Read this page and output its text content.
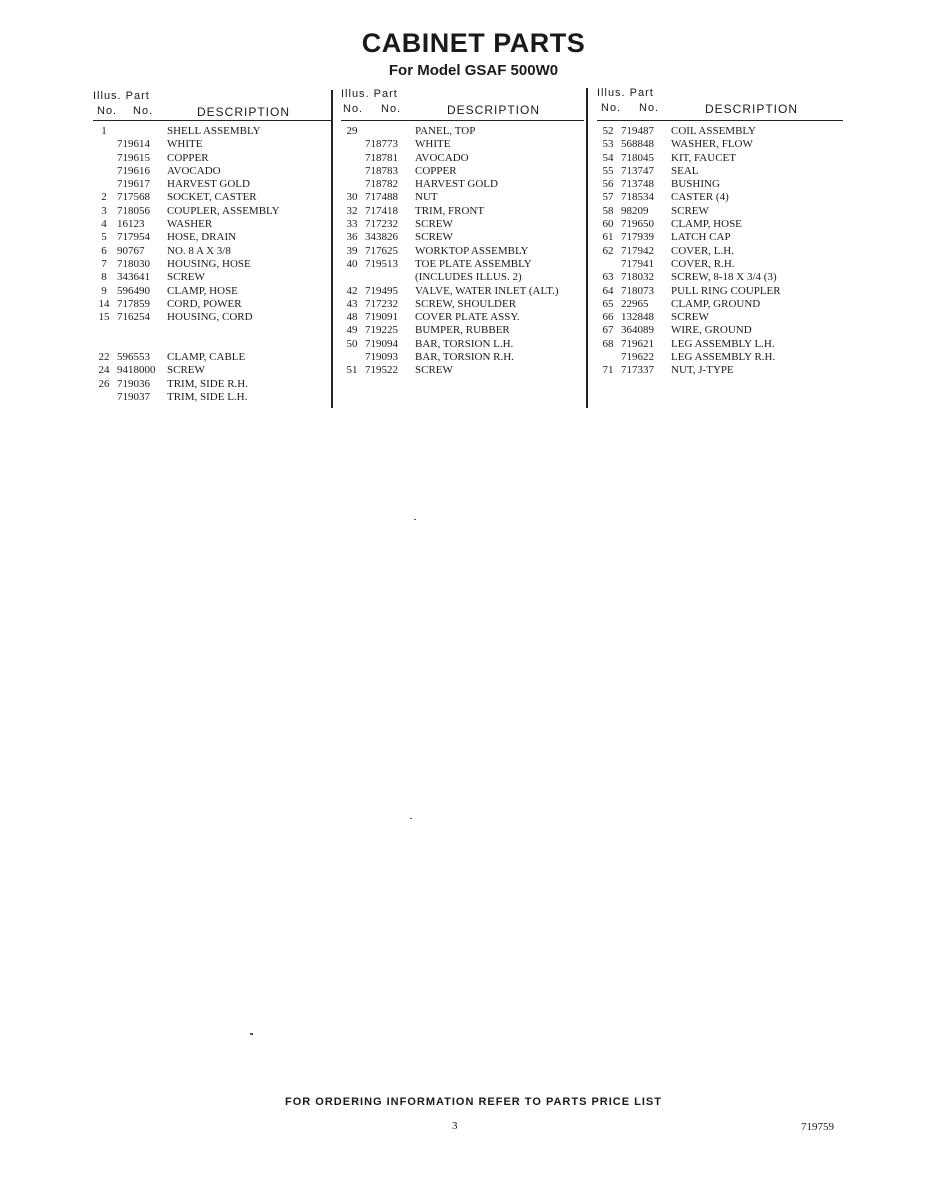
CABINET PARTS
For Model GSAF 500W0
Illus. Part
No. No.	DESCRIPTION
1	SHELL ASSEMBLY
719614 WHITE
719615 COPPER
719616 AVOCADO
719617 HARVEST GOLD
2 717568 SOCKET, CASTER
3 718056 COUPLER, ASSEMBLY
4 16123 WASHER
5 717954 HOSE, DRAIN
6 90767 NO. 8 A X 3/8
7 718030 HOUSING, HOSE
8 343641 SCREW
9 596490 CLAMP, HOSE
14 717859 CORD, POWER
15 716254 HOUSING, CORD
22 596553 CLAMP, CABLE
24 9418000 SCREW
26 719036 TRIM, SIDE R.H.
719037 TRIM, SIDE L.H.
Illus. Part
No. No.	DESCRIPTION
29	PANEL, TOP
718773 WHITE
718781 AVOCADO
718783 COPPER
718782 HARVEST GOLD
30 717488 NUT
32 717418 TRIM, FRONT
33 717232 SCREW
36 343826 SCREW
39 717625 WORKTOP ASSEMBLY
40 719513 TOE PLATE ASSEMBLY
(INCLUDES ILLUS. 2)
42 719495 VALVE, WATER INLET (ALT.)
43 717232 SCREW, SHOULDER
48 719091 COVER PLATE ASSY.
49 719225 BUMPER, RUBBER
50 719094 BAR, TORSION L.H.
719093 BAR, TORSION R.H.
51 719522 SCREW
Illus. Part
No. No.	DESCRIPTION
52 719487 COIL ASSEMBLY
53 568848 WASHER, FLOW
54 718045 KIT, FAUCET
55 713747 SEAL
56 713748 BUSHING
57 718534 CASTER (4)
58 98209 SCREW
60 719650 CLAMP, HOSE
61 717939 LATCH CAP
62 717942 COVER, L.H.
717941 COVER, R.H.
63 718032 SCREW, 8-18 X 3/4 (3)
64 718073 PULL RING COUPLER
65 22965 CLAMP, GROUND
66 132848 SCREW
67 364089 WIRE, GROUND
68 719621 LEG ASSEMBLY L.H.
719622 LEG ASSEMBLY R.H.
71 717337 NUT, J-TYPE
FOR ORDERING INFORMATION REFER TO PARTS PRICE LIST
3	719759
